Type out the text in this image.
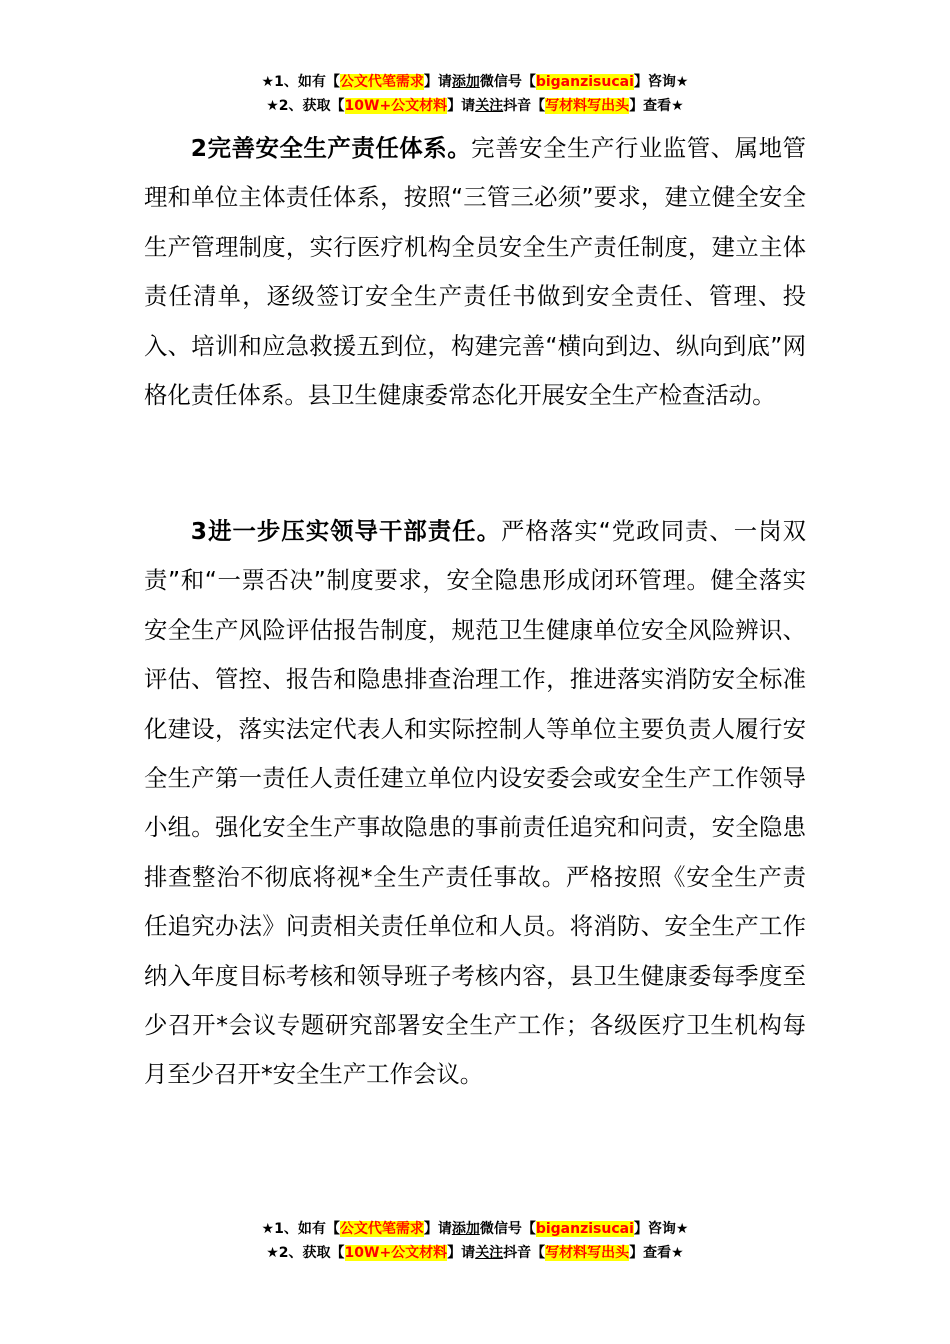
★1、如有【公文代笔需求】请添加微信号【biganzisucai】咨询★
★2、获取【10W+公文材料】请关注抖音【写材料写出头】查看★

2完善安全生产责任体系。完善安全生产行业监管、属地管理和单位主体责任体系，按照“三管三必须”要求，建立健全安全生产管理制度，实行医疗机构全员安全生产责任制度，建立主体责任清单，逐级签订安全生产责任书做到安全责任、管理、投入、培训和应急救援五到位，构建完善“横向到边、纵向到底”网格化责任体系。县卫生健康委常态化开展安全生产检查活动。

3进一步压实领导干部责任。严格落实“党政同责、一岗双责”和“一票否决”制度要求，安全隐患形成闭环管理。健全落实安全生产风险评估报告制度，规范卫生健康单位安全风险辨识、评估、管控、报告和隐患排查治理工作，推进落实消防安全标准化建设，落实法定代表人和实际控制人等单位主要负责人履行安全生产第一责任人责任建立单位内设安委会或安全生产工作领导小组。强化安全生产事故隐患的事前责任追究和问责，安全隐患排查整治不彻底将视*全生产责任事故。严格按照《安全生产责任追究办法》问责相关责任单位和人员。将消防、安全生产工作纳入年度目标考核和领导班子考核内容，县卫生健康委每季度至少召开*会议专题研究部署安全生产工作；各级医疗卫生机构每月至少召开*安全生产工作会议。

★1、如有【公文代笔需求】请添加微信号【biganzisucai】咨询★
★2、获取【10W+公文材料】请关注抖音【写材料写出头】查看★
